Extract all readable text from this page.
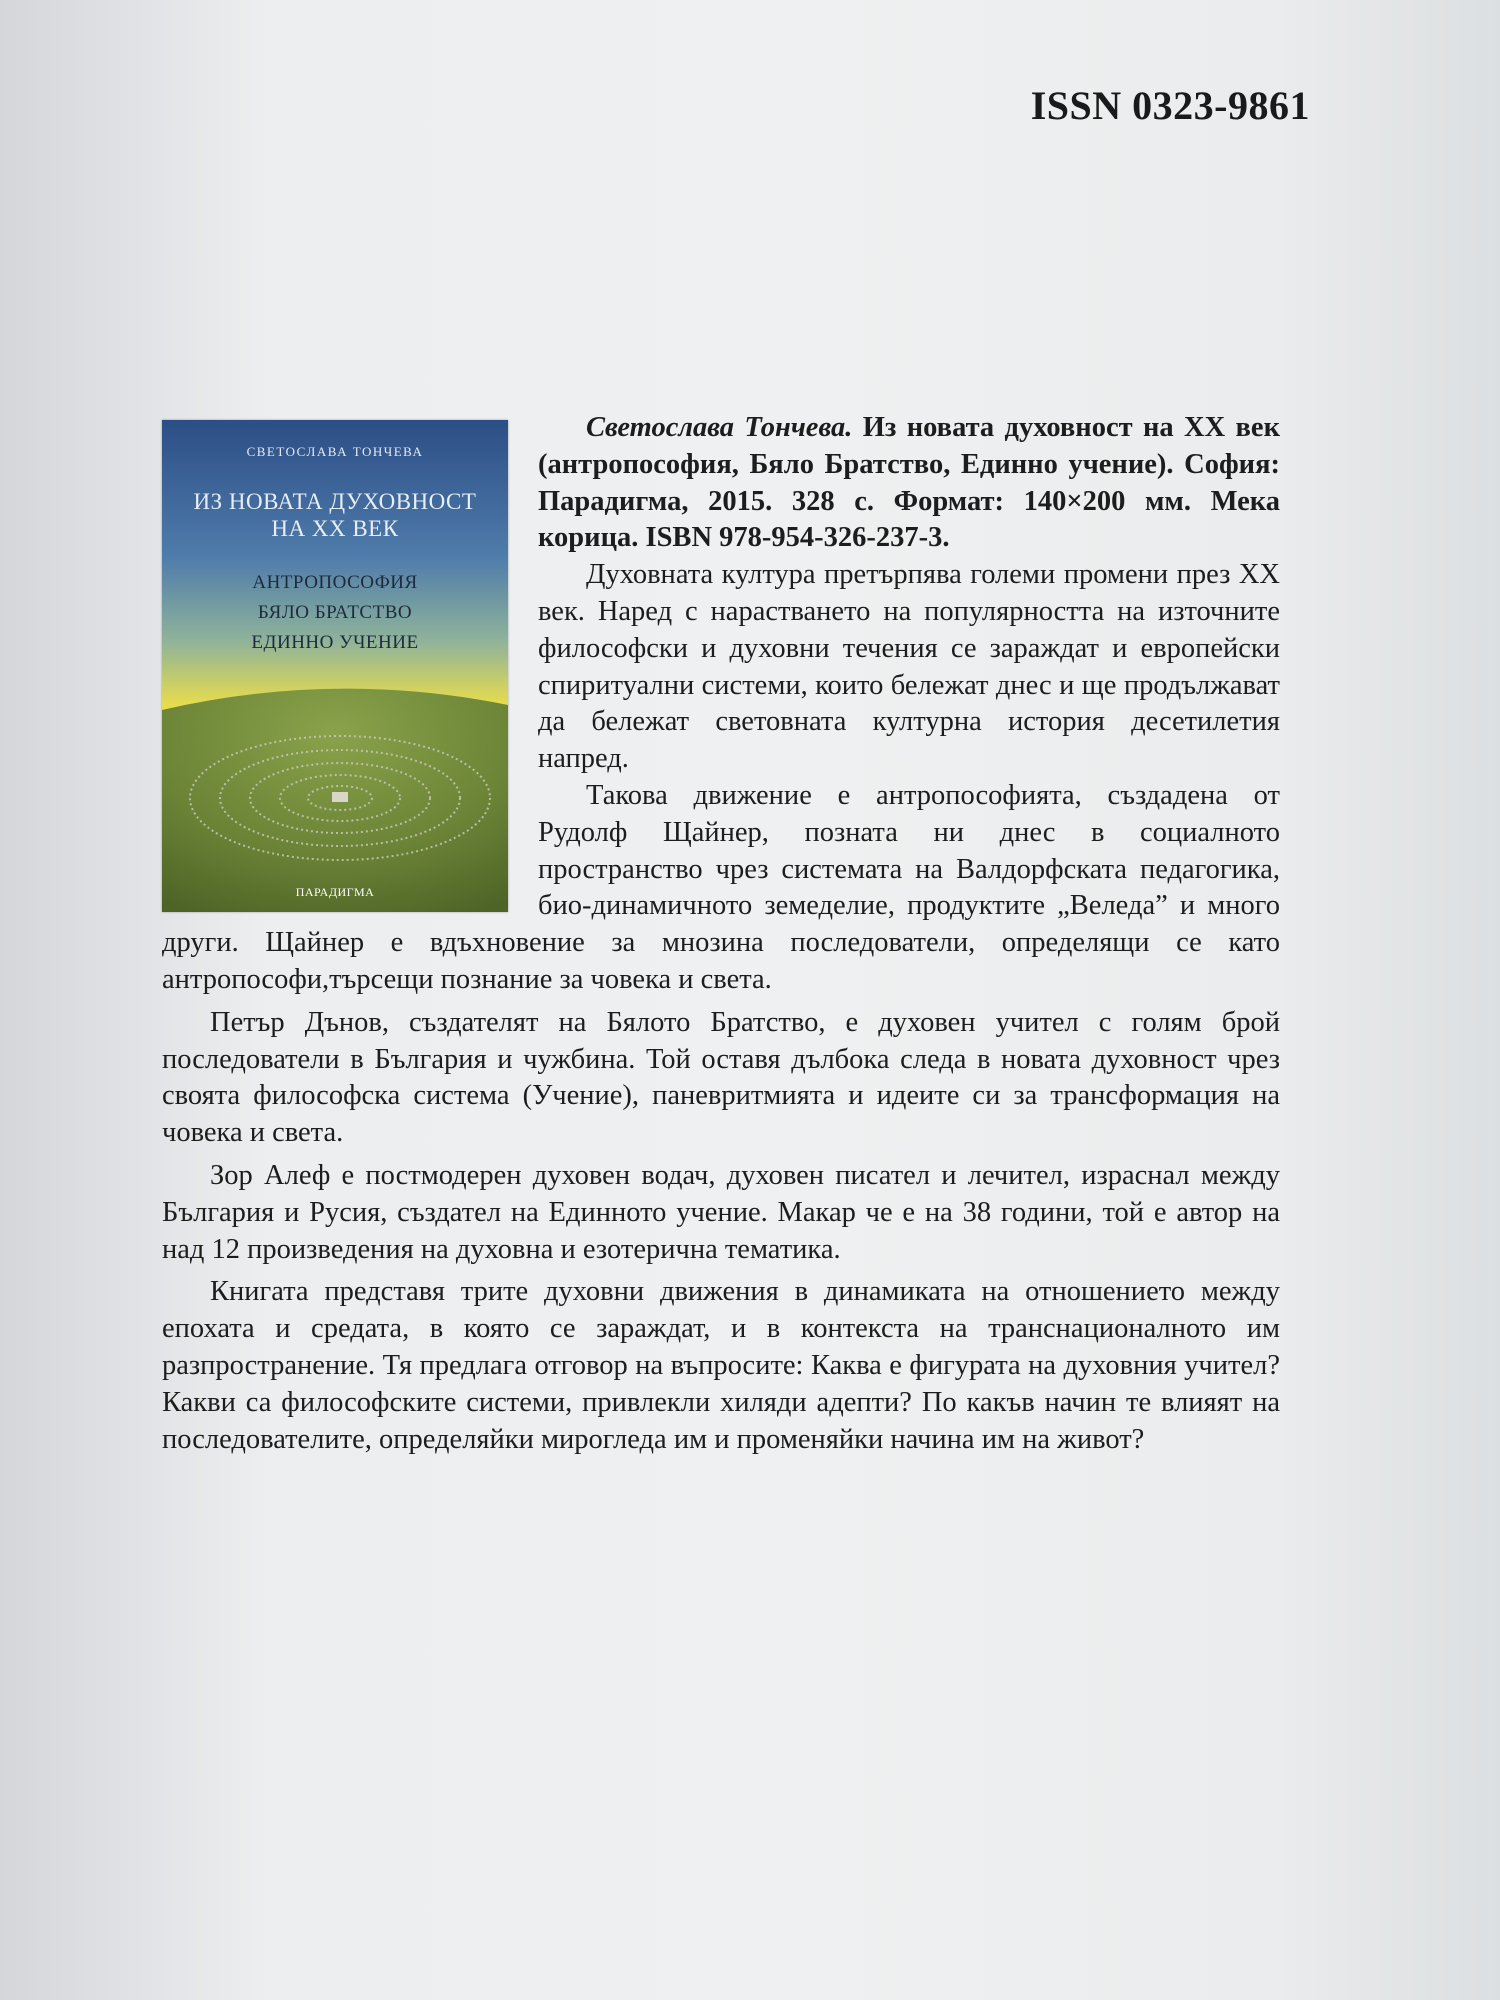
ISSN 0323-9861
СВЕТОСЛАВА ТОНЧЕВА
ИЗ НОВАТА ДУХОВНОСТ
НА XX ВЕК
АНТРОПОСОФИЯ
БЯЛО БРАТСТВО
ЕДИННО УЧЕНИЕ
ПАРАДИГМА

Светослава Тончева. Из новата духовност на XX век (антропософия, Бяло Братство, Единно учение). София: Парадигма, 2015. 328 с. Формат: 140×200 мм. Мека корица. ISBN 978-954-326-237-3.

Духовната култура претърпява големи промени през XX век. Наред с нарастването на популярността на източните философски и духовни течения се зараждат и европейски спиритуални системи, които бележат днес и ще продължават да бележат световната културна история десетилетия напред.

Такова движение е антропософията, създадена от Рудолф Щайнер, позната ни днес в социалното пространство чрез системата на Валдорфската педагогика, био-динамичното земеделие, продуктите „Веледа” и много други. Щайнер е вдъхновение за мнозина последователи, определящи се като антропософи,търсещи познание за човека и света.

Петър Дънов, създателят на Бялото Братство, е духовен учител с голям брой последователи в България и чужбина. Той оставя дълбока следа в новата духовност чрез своята философска система (Учение), паневритмията и идеите си за трансформация на човека и света.

Зор Алеф е постмодерен духовен водач, духовен писател и лечител, израснал между България и Русия, създател на Единното учение. Макар че е на 38 години, той е автор на над 12 произведения на духовна и езотерична тематика.

Книгата представя трите духовни движения в динамиката на отношението между епохата и средата, в която се зараждат, и в контекста на транснационалното им разпространение. Тя предлага отговор на въпросите: Каква е фигурата на духовния учител? Какви са философските системи, привлекли хиляди адепти? По какъв начин те влияят на последователите, определяйки мирогледа им и променяйки начина им на живот?
